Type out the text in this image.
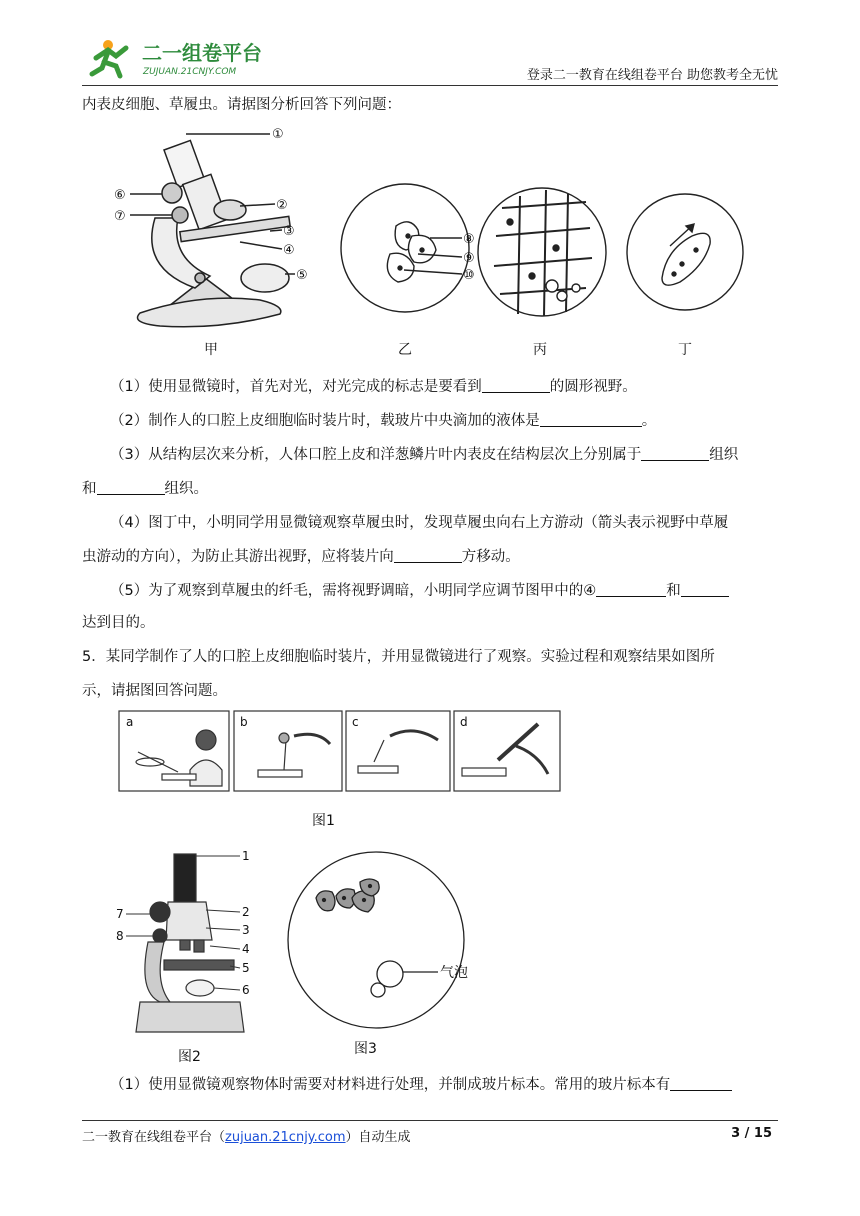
二一组卷平台
ZUJUAN.21CNJY.COM	登录二一教育在线组卷平台 助您教考全无忧
内表皮细胞、草履虫。请据图分析回答下列问题：
①
②
③
④
⑤
⑥
⑦
⑧
⑨
⑩
甲	乙	丙	丁
（1）使用显微镜时，首先对光，对光完成的标志是要看到	的圆形视野。
（2）制作人的口腔上皮细胞临时装片时，载玻片中央滴加的液体是	。
（3）从结构层次来分析，人体口腔上皮和洋葱鳞片叶内表皮在结构层次上分别属于	组织
和	组织。
（4）图丁中，小明同学用显微镜观察草履虫时，发现草履虫向右上方游动（箭头表示视野中草履
虫游动的方向），为防止其游出视野，应将装片向	方移动。
（5）为了观察到草履虫的纤毛，需将视野调暗，小明同学应调节图甲中的④	和
达到目的。
5．某同学制作了人的口腔上皮细胞临时装片，并用显微镜进行了观察。实验过程和观察结果如图所
示，请据图回答问题。
a	b	c	d
图1
1
2
3
4
5
6
7
8
图2
气泡
图3
（1）使用显微镜观察物体时需要对材料进行处理，并制成玻片标本。常用的玻片标本有
二一教育在线组卷平台（zujuan.21cnjy.com）自动生成	3 / 15
